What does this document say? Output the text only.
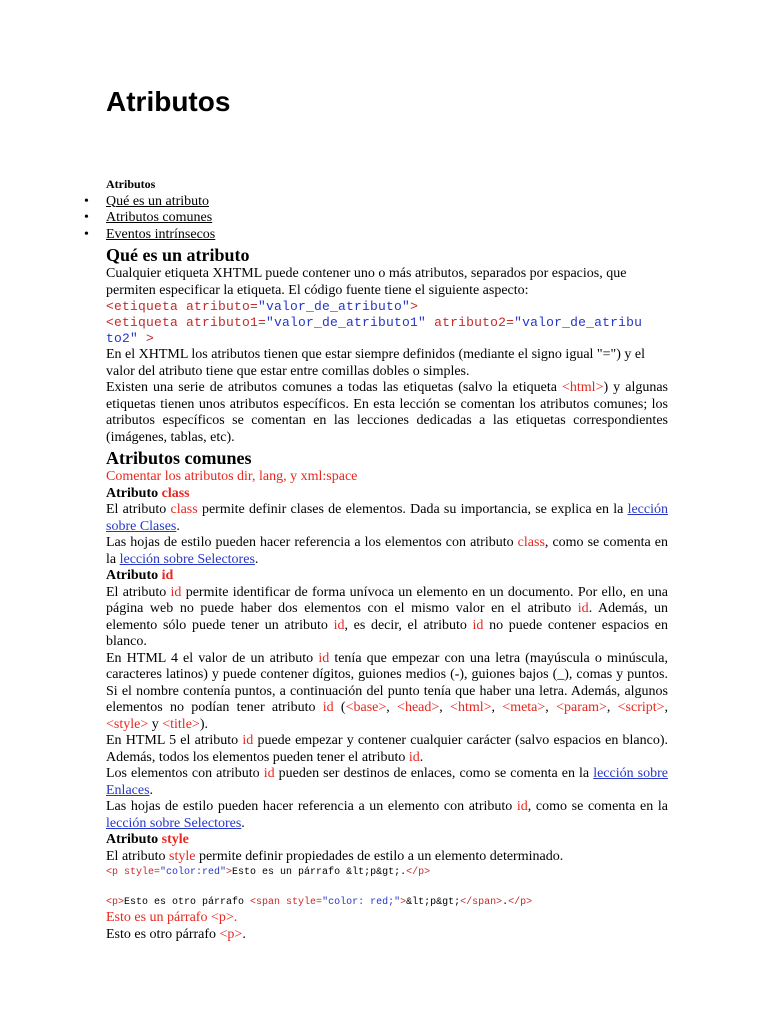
Atributos
Atributos
• Qué es un atributo
• Atributos comunes
• Eventos intrínsecos
Qué es un atributo

Cualquier etiqueta XHTML puede contener uno o más atributos, separados por espacios, que permiten especificar la etiqueta. El código fuente tiene el siguiente aspecto:

<etiqueta atributo="valor_de_atributo">
<etiqueta atributo1="valor_de_atributo1" atributo2="valor_de_atribu to2" >

En el XHTML los atributos tienen que estar siempre definidos (mediante el signo igual "=") y el valor del atributo tiene que estar entre comillas dobles o simples.

Existen una serie de atributos comunes a todas las etiquetas (salvo la etiqueta <html>) y algunas etiquetas tienen unos atributos específicos. En esta lección se comentan los atributos comunes; los atributos específicos se comentan en las lecciones dedicadas a las etiquetas correspondientes (imágenes, tablas, etc).

Atributos comunes

Comentar los atributos dir, lang, y xml:space

Atributo class

El atributo class permite definir clases de elementos. Dada su importancia, se explica en la lección sobre Clases.

Las hojas de estilo pueden hacer referencia a los elementos con atributo class, como se comenta en la lección sobre Selectores.

Atributo id

El atributo id permite identificar de forma unívoca un elemento en un documento. Por ello, en una página web no puede haber dos elementos con el mismo valor en el atributo id. Además, un elemento sólo puede tener un atributo id, es decir, el atributo id no puede contener espacios en blanco.

En HTML 4 el valor de un atributo id tenía que empezar con una letra (mayúscula o minúscula, caracteres latinos) y puede contener dígitos, guiones medios (-), guiones bajos (_), comas y puntos. Si el nombre contenía puntos, a continuación del punto tenía que haber una letra. Además, algunos elementos no podían tener atributo id (<base>, <head>, <html>, <meta>, <param>, <script>, <style> y <title>).

En HTML 5 el atributo id puede empezar y contener cualquier carácter (salvo espacios en blanco). Además, todos los elementos pueden tener el atributo id.

Los elementos con atributo id pueden ser destinos de enlaces, como se comenta en la lección sobre Enlaces.

Las hojas de estilo pueden hacer referencia a un elemento con atributo id, como se comenta en la lección sobre Selectores.

Atributo style

El atributo style permite definir propiedades de estilo a un elemento determinado.

<p style="color:red">Esto es un párrafo &lt;p&gt;.</p>
<p>Esto es otro párrafo <span style="color: red;">&lt;p&gt;</span>.</p>

Esto es un párrafo <p>.

Esto es otro párrafo <p>.
